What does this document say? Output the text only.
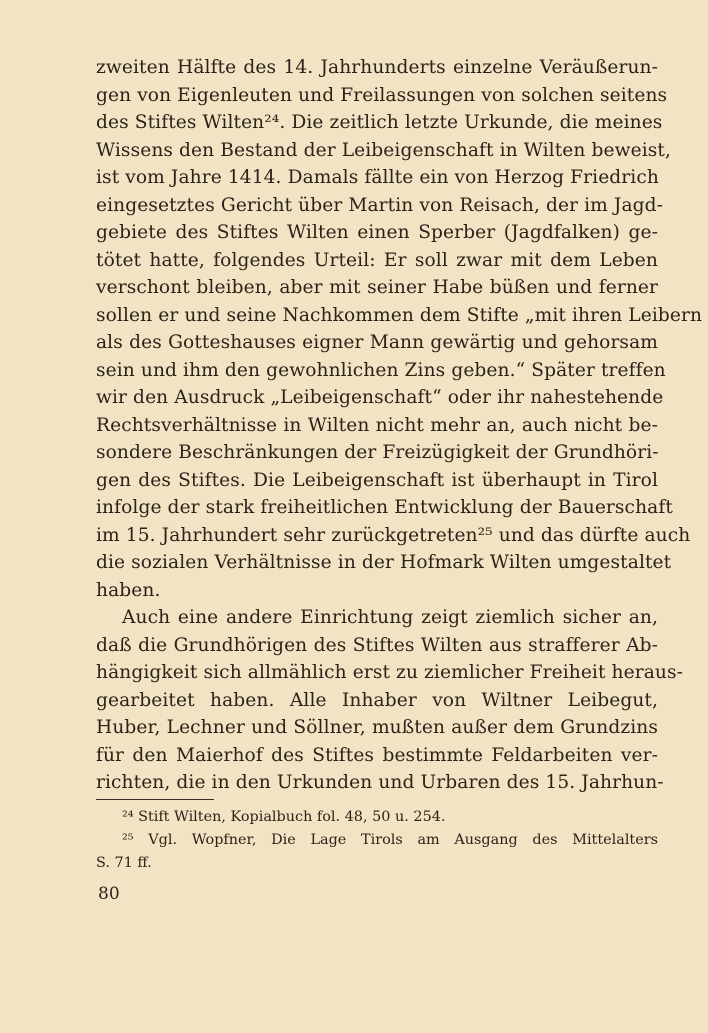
zweiten Hälfte des 14. Jahrhunderts einzelne Veräußerun-
gen von Eigenleuten und Freilassungen von solchen seitens
des Stiftes Wilten²⁴. Die zeitlich letzte Urkunde, die meines
Wissens den Bestand der Leibeigenschaft in Wilten beweist,
ist vom Jahre 1414. Damals fällte ein von Herzog Friedrich
eingesetztes Gericht über Martin von Reisach, der im Jagd-
gebiete des Stiftes Wilten einen Sperber (Jagdfalken) ge-
tötet hatte, folgendes Urteil: Er soll zwar mit dem Leben
verschont bleiben, aber mit seiner Habe büßen und ferner
sollen er und seine Nachkommen dem Stifte „mit ihren Leibern
als des Gotteshauses eigner Mann gewärtig und gehorsam
sein und ihm den gewohnlichen Zins geben.“ Später treffen
wir den Ausdruck „Leibeigenschaft“ oder ihr nahestehende
Rechtsverhältnisse in Wilten nicht mehr an, auch nicht be-
sondere Beschränkungen der Freizügigkeit der Grundhöri-
gen des Stiftes. Die Leibeigenschaft ist überhaupt in Tirol
infolge der stark freiheitlichen Entwicklung der Bauerschaft
im 15. Jahrhundert sehr zurückgetreten²⁵ und das dürfte auch
die sozialen Verhältnisse in der Hofmark Wilten umgestaltet
haben.
Auch eine andere Einrichtung zeigt ziemlich sicher an,
daß die Grundhörigen des Stiftes Wilten aus strafferer Ab-
hängigkeit sich allmählich erst zu ziemlicher Freiheit heraus-
gearbeitet haben. Alle Inhaber von Wiltner Leibegut,
Huber, Lechner und Söllner, mußten außer dem Grundzins
für den Maierhof des Stiftes bestimmte Feldarbeiten ver-
richten, die in den Urkunden und Urbaren des 15. Jahrhun-
²⁴ Stift Wilten, Kopialbuch fol. 48, 50 u. 254.
²⁵ Vgl. Wopfner, Die Lage Tirols am Ausgang des Mittelalters
S. 71 ff.
80
